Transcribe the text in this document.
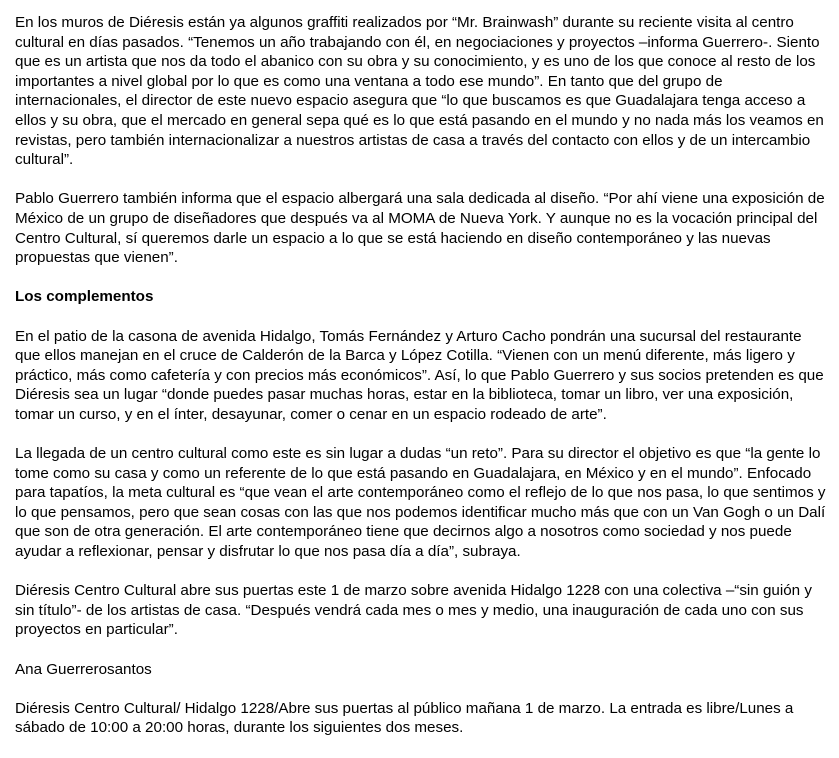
En los muros de Diéresis están ya algunos graffiti realizados por “Mr. Brainwash” durante su reciente visita al centro cultural en días pasados. “Tenemos un año trabajando con él, en negociaciones y proyectos –informa Guerrero-. Siento que es un artista que nos da todo el abanico con su obra y su conocimiento, y es uno de los que conoce al resto de los importantes a nivel global por lo que es como una ventana a todo ese mundo”. En tanto que del grupo de internacionales, el director de este nuevo espacio asegura que “lo que buscamos es que Guadalajara tenga acceso a ellos y su obra, que el mercado en general sepa qué es lo que está pasando en el mundo y no nada más los veamos en revistas, pero también internacionalizar a nuestros artistas de casa a través del contacto con ellos y de un intercambio cultural”.

Pablo Guerrero también informa que el espacio albergará una sala dedicada al diseño. “Por ahí viene una exposición de México de un grupo de diseñadores que después va al MOMA de Nueva York. Y aunque no es la vocación principal del Centro Cultural, sí queremos darle un espacio a lo que se está haciendo en diseño contemporáneo y las nuevas propuestas que vienen”.

Los complementos

En el patio de la casona de avenida Hidalgo, Tomás Fernández y Arturo Cacho pondrán una sucursal del restaurante que ellos manejan en el cruce de Calderón de la Barca y López Cotilla. “Vienen con un menú diferente, más ligero y práctico, más como cafetería y con precios más económicos”. Así, lo que Pablo Guerrero y sus socios pretenden es que Diéresis sea un lugar “donde puedes pasar muchas horas, estar en la biblioteca, tomar un libro, ver una exposición, tomar un curso, y en el ínter, desayunar, comer o cenar en un espacio rodeado de arte”.

La llegada de un centro cultural como este es sin lugar a dudas “un reto”. Para su director el objetivo es que “la gente lo tome como su casa y como un referente de lo que está pasando en Guadalajara, en México y en el mundo”. Enfocado para tapatíos, la meta cultural es “que vean el arte contemporáneo como el reflejo de lo que nos pasa, lo que sentimos y lo que pensamos, pero que sean cosas con las que nos podemos identificar mucho más que con un Van Gogh o un Dalí que son de otra generación. El arte contemporáneo tiene que decirnos algo a nosotros como sociedad y nos puede ayudar a reflexionar, pensar y disfrutar lo que nos pasa día a día”, subraya.

Diéresis Centro Cultural abre sus puertas este 1 de marzo sobre avenida Hidalgo 1228 con una colectiva –“sin guión y sin título”- de los artistas de casa. “Después vendrá cada mes o mes y medio, una inauguración de cada uno con sus proyectos en particular”.

Ana Guerrerosantos

Diéresis Centro Cultural/ Hidalgo 1228/Abre sus puertas al público mañana 1 de marzo. La entrada es libre/Lunes a sábado de 10:00 a 20:00 horas, durante los siguientes dos meses.
